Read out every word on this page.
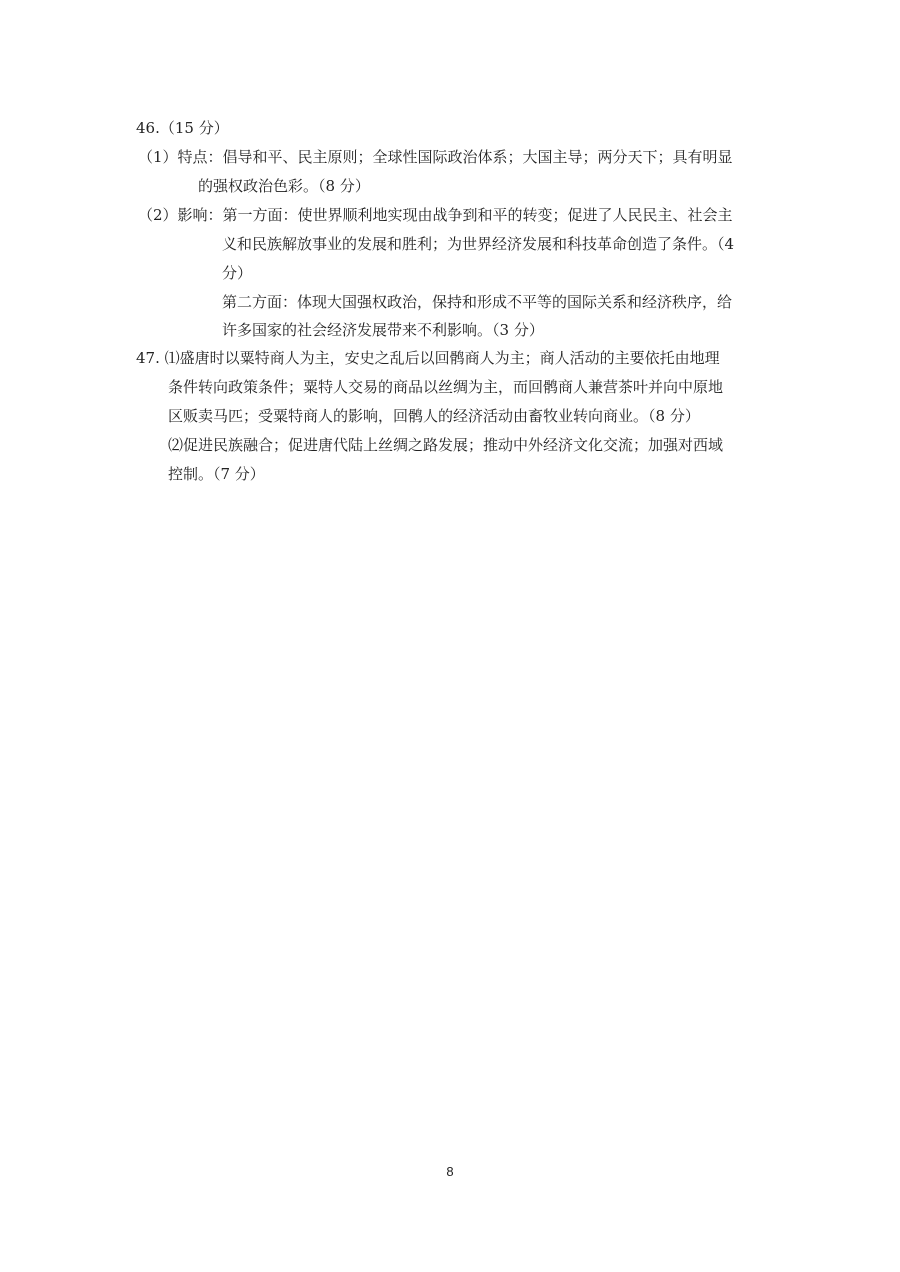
46.（15 分）
（1）特点：倡导和平、民主原则；全球性国际政治体系；大国主导；两分天下；具有明显
的强权政治色彩。（8 分）
（2）影响：第一方面：使世界顺利地实现由战争到和平的转变；促进了人民民主、社会主
义和民族解放事业的发展和胜利；为世界经济发展和科技革命创造了条件。（4
分）
第二方面：体现大国强权政治，保持和形成不平等的国际关系和经济秩序，给
许多国家的社会经济发展带来不利影响。（3 分）
47. ⑴盛唐时以粟特商人为主，安史之乱后以回鹘商人为主；商人活动的主要依托由地理
条件转向政策条件；粟特人交易的商品以丝绸为主，而回鹘商人兼营茶叶并向中原地
区贩卖马匹；受粟特商人的影响，回鹘人的经济活动由畜牧业转向商业。（8 分）
⑵促进民族融合；促进唐代陆上丝绸之路发展；推动中外经济文化交流；加强对西域
控制。（7 分）
8
